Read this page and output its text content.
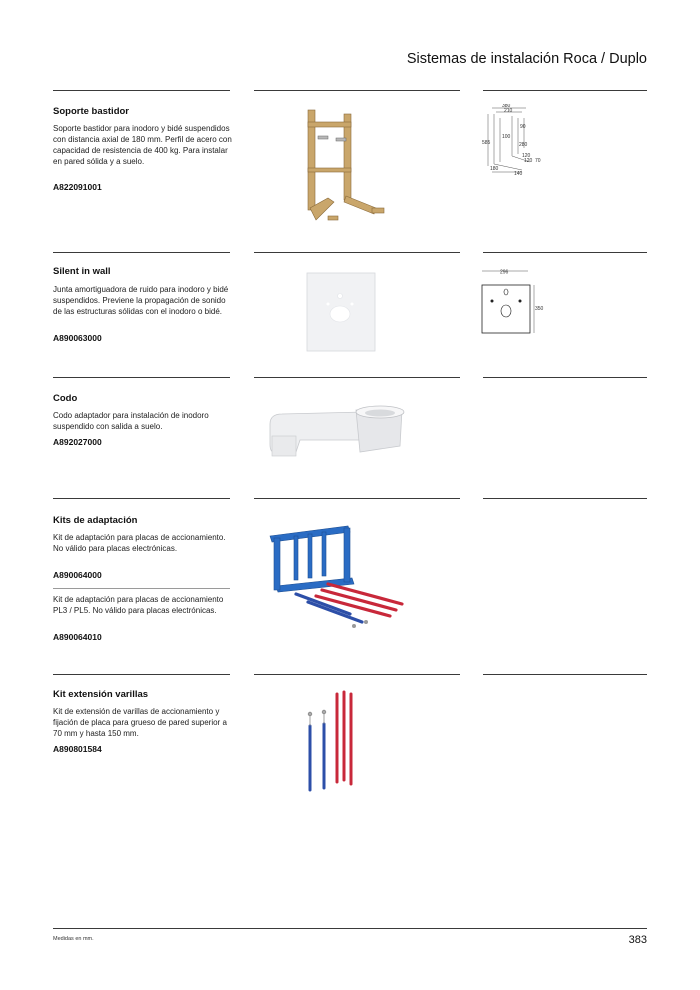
Sistemas de instalación Roca / Duplo
Soporte bastidor
Soporte bastidor para inodoro y bidé suspendidos con distancia axial de 180 mm. Perfil de acero con capacidad de resistencia de 400 kg. Para instalar en pared sólida y a suelo.
A822091001
380
210
90
585
100
280
120
120
180
140
70
Silent in wall
Junta amortiguadora de ruido para inodoro y bidé suspendidos. Previene la propagación de sonido de las estructuras sólidas con el inodoro o bidé.
A890063000
296
350
Codo
Codo adaptador para instalación de inodoro suspendido con salida a suelo.
A892027000
Kits de adaptación
Kit de adaptación para placas de accionamiento. No válido para placas electrónicas.
A890064000
Kit de adaptación para placas de accionamiento PL3 / PL5. No válido para placas electrónicas.
A890064010
Kit extensión varillas
Kit de extensión de varillas de accionamiento y fijación de placa para grueso de pared superior a 70 mm y hasta 150 mm.
A890801584
Medidas en mm.	383
